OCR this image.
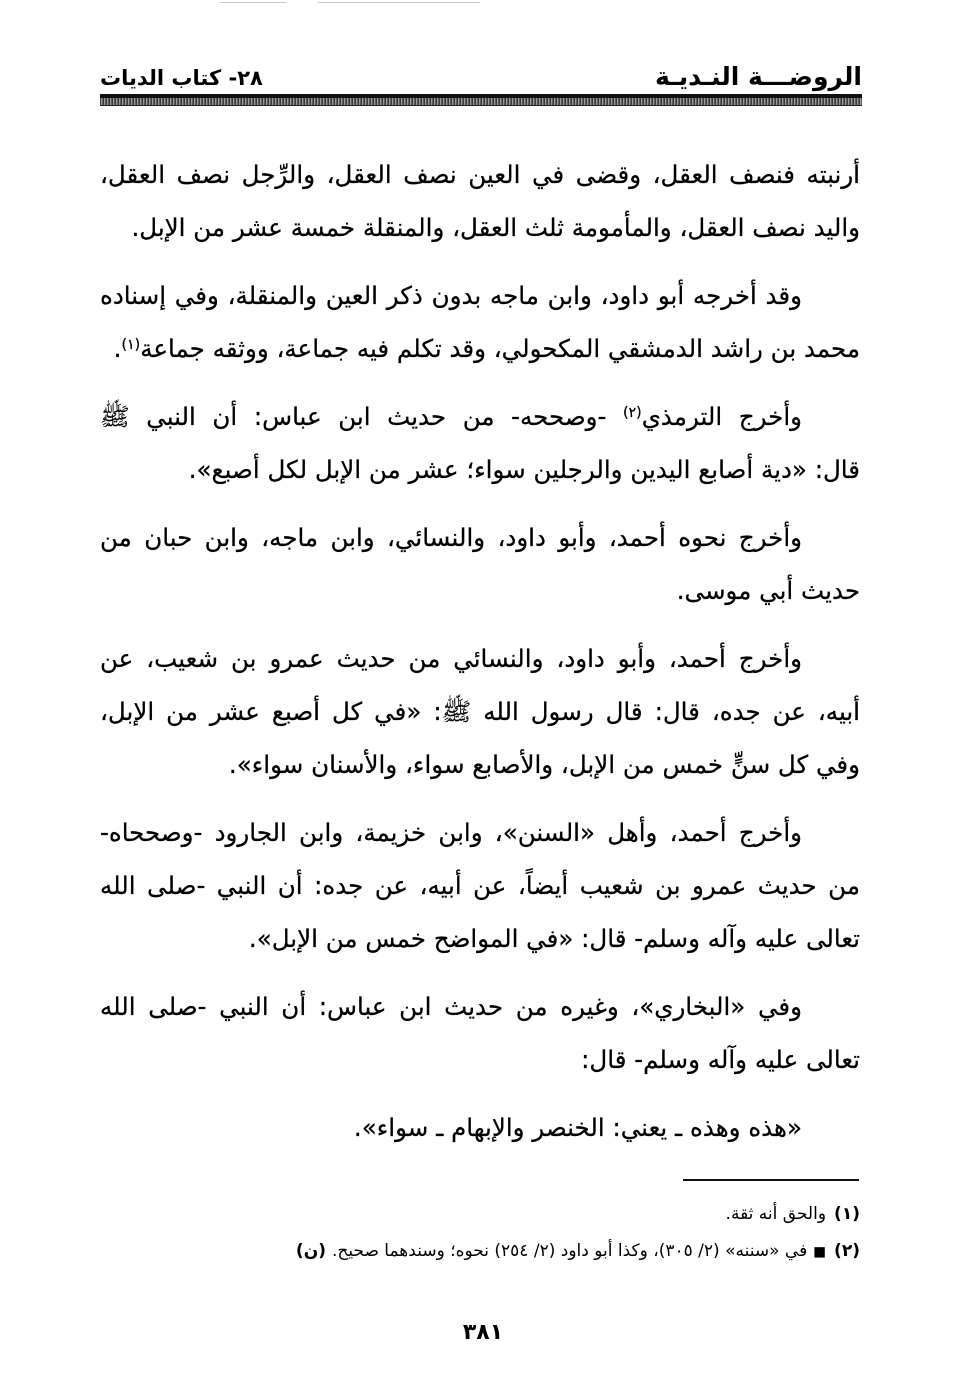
الروضـــة النـديـة
٢٨- كتاب الديات
أرنبته فنصف العقل، وقضى في العين نصف العقل، والرِّجل نصف العقل،
واليد نصف العقل، والمأمومة ثلث العقل، والمنقلة خمسة عشر من الإبل.
وقد أخرجه أبو داود، وابن ماجه بدون ذكر العين والمنقلة، وفي إسناده
محمد بن راشد الدمشقي المكحولي، وقد تكلم فيه جماعة، ووثقه جماعة$^{(١)}$.
وأخرج الترمذي$^{(٢)}$ -وصححه- من حديث ابن عباس: أن النبي ﷺ
قال: «دية أصابع اليدين والرجلين سواء؛ عشر من الإبل لكل أصبع».
وأخرج نحوه أحمد، وأبو داود، والنسائي، وابن ماجه، وابن حبان من
حديث أبي موسى.
وأخرج أحمد، وأبو داود، والنسائي من حديث عمرو بن شعيب، عن
أبيه، عن جده، قال: قال رسول الله ﷺ: «في كل أصبع عشر من الإبل،
وفي كل سنٍّ خمس من الإبل، والأصابع سواء، والأسنان سواء».
وأخرج أحمد، وأهل «السنن»، وابن خزيمة، وابن الجارود -وصححاه-
من حديث عمرو بن شعيب أيضاً، عن أبيه، عن جده: أن النبي -صلى الله
تعالى عليه وآله وسلم- قال: «في المواضح خمس من الإبل».
وفي «البخاري»، وغيره من حديث ابن عباس: أن النبي -صلى الله
تعالى عليه وآله وسلم- قال:
«هذه وهذه ـ يعني: الخنصر والإبهام ـ سواء».
(١)والحق أنه ثقة.
(٢)■في «سننه» (٢/ ٣٠٥)، وكذا أبو داود (٢/ ٢٥٤) نحوه؛ وسندهما صحيح.(ن)
٣٨١
